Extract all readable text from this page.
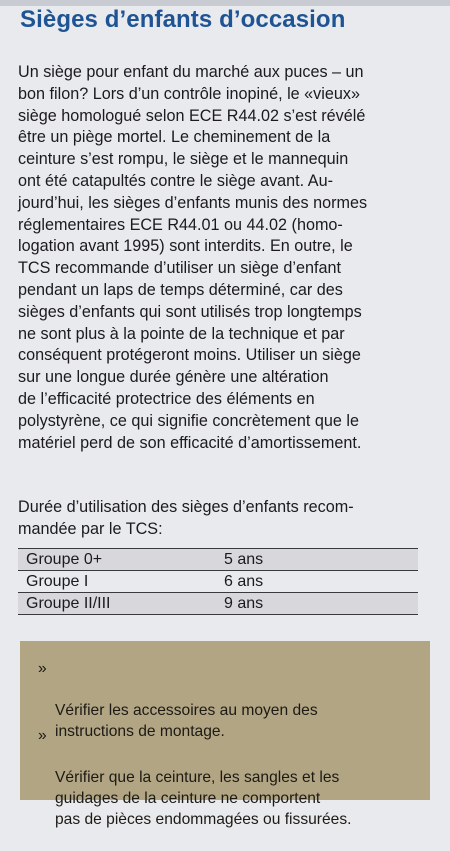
Sièges d’enfants d’occasion
Un siège pour enfant du marché aux puces – un
bon filon? Lors d’un contrôle inopiné, le «vieux»
siège homologué selon ECE R44.02 s’est révélé
être un piège mortel. Le cheminement de la
ceinture s’est rompu, le siège et le mannequin
ont été catapultés contre le siège avant. Au-
jourd’hui, les sièges d’enfants munis des normes
réglementaires ECE R44.01 ou 44.02 (homo-
logation avant 1995) sont interdits. En outre, le
TCS recommande d’utiliser un siège d’enfant
pendant un laps de temps déterminé, car des
sièges d’enfants qui sont utilisés trop longtemps
ne sont plus à la pointe de la technique et par
conséquent protégeront moins. Utiliser un siège
sur une longue durée génère une altération
de l’efficacité protectrice des éléments en
polystyrène, ce qui signifie concrètement que le
matériel perd de son efficacité d’amortissement.
Durée d’utilisation des sièges d’enfants recom-
mandée par le TCS:
Groupe 0+	5 ans
Groupe I	6 ans
Groupe II/III	9 ans

»

Vérifier les accessoires au moyen des
instructions de montage.

»

Vérifier que la ceinture, les sangles et les
guidages de la ceinture ne comportent
pas de pièces endommagées ou fissurées.
